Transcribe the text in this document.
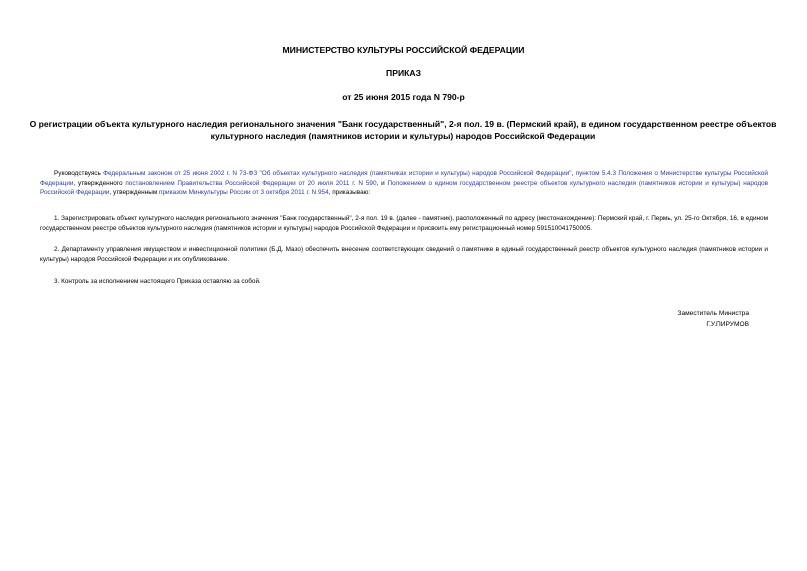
МИНИСТЕРСТВО КУЛЬТУРЫ РОССИЙСКОЙ ФЕДЕРАЦИИ
ПРИКАЗ
от 25 июня 2015 года N 790-р
О регистрации объекта культурного наследия регионального значения "Банк государственный", 2-я пол. 19 в. (Пермский край), в едином государственном реестре объектов культурного наследия (памятников истории и культуры) народов Российской Федерации
Руководствуясь Федеральным законом от 25 июня 2002 г. N 73-ФЗ "Об объектах культурного наследия (памятниках истории и культуры) народов Российской Федерации", пунктом 5.4.3 Положения о Министерстве культуры Российской Федерации, утвержденного постановлением Правительства Российской Федерации от 20 июля 2011 г. N 590, и Положением о едином государственном реестре объектов культурного наследия (памятников истории и культуры) народов Российской Федерации, утвержденным приказом Минкультуры России от 3 октября 2011 г. N 954, приказываю:
1. Зарегистрировать объект культурного наследия регионального значения "Банк государственный", 2-я пол. 19 в. (далее - памятник), расположенный по адресу (местонахождение): Пермский край, г. Пермь, ул. 25-го Октября, 16, в едином государственном реестре объектов культурного наследия (памятников истории и культуры) народов Российской Федерации и присвоить ему регистрационный номер 591510041750005.
2. Департаменту управления имуществом и инвестиционной политики (Б.Д. Мазо) обеспечить внесение соответствующих сведений о памятнике в единый государственный реестр объектов культурного наследия (памятников истории и культуры) народов Российской Федерации и их опубликование.
3. Контроль за исполнением настоящего Приказа оставляю за собой.
Заместитель Министра
Г.У.ПИРУМОВ
